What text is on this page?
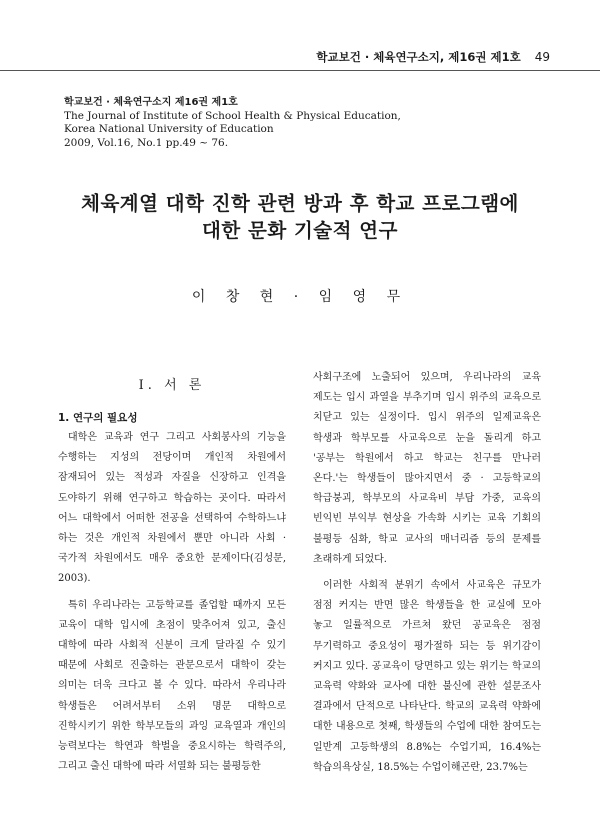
학교보건 · 체육연구소지, 제16권 제1호 49
학교보건 · 체육연구소지 제16권 제1호
The Journal of Institute of School Health & Physical Education,
Korea National University of Education
2009, Vol.16, No.1 pp.49 ~ 76.
체육계열 대학 진학 관련 방과 후 학교 프로그램에
대한 문화 기술적 연구
이 창 현 · 임 영 무
I. 서 론

1. 연구의 필요성

대학은 교육과 연구 그리고 사회봉사의 기능을 수행하는 지성의 전당이며 개인적 차원에서 잠재되어 있는 적성과 자질을 신장하고 인격을 도야하기 위해 연구하고 학습하는 곳이다. 따라서 어느 대학에서 어떠한 전공을 선택하여 수학하느냐 하는 것은 개인적 차원에서 뿐만 아니라 사회 · 국가적 차원에서도 매우 중요한 문제이다(김성문, 2003).

특히 우리나라는 고등학교를 졸업할 때까지 모든 교육이 대학 입시에 초점이 맞추어져 있고, 출신 대학에 따라 사회적 신분이 크게 달라질 수 있기 때문에 사회로 진출하는 관문으로서 대학이 갖는 의미는 더욱 크다고 볼 수 있다. 따라서 우리나라 학생들은 어려서부터 소위 명문 대학으로 진학시키기 위한 학부모들의 과잉 교육열과 개인의 능력보다는 학연과 학벌을 중요시하는 학력주의, 그리고 출신 대학에 따라 서열화 되는 불평등한

사회구조에 노출되어 있으며, 우리나라의 교육 제도는 입시 과열을 부추기며 입시 위주의 교육으로 치닫고 있는 실정이다. 입시 위주의 일제교육은 학생과 학부모를 사교육으로 눈을 돌리게 하고 '공부는 학원에서 하고 학교는 친구를 만나러 온다.'는 학생들이 많아지면서 중 · 고등학교의 학급붕괴, 학부모의 사교육비 부담 가중, 교육의 빈익빈 부익부 현상을 가속화 시키는 교육 기회의 불평등 심화, 학교 교사의 매너리즘 등의 문제를 초래하게 되었다.

이러한 사회적 분위기 속에서 사교육은 규모가 점점 커지는 반면 많은 학생들을 한 교실에 모아 놓고 일률적으로 가르쳐 왔던 공교육은 점점 무기력하고 중요성이 평가절하 되는 등 위기감이 커지고 있다. 공교육이 당면하고 있는 위기는 학교의 교육력 약화와 교사에 대한 불신에 관한 설문조사 결과에서 단적으로 나타난다. 학교의 교육력 약화에 대한 내용으로 첫째, 학생들의 수업에 대한 참여도는 일반계 고등학생의 8.8%는 수업기피, 16.4%는 학습의욕상실, 18.5%는 수업이해곤란, 23.7%는
